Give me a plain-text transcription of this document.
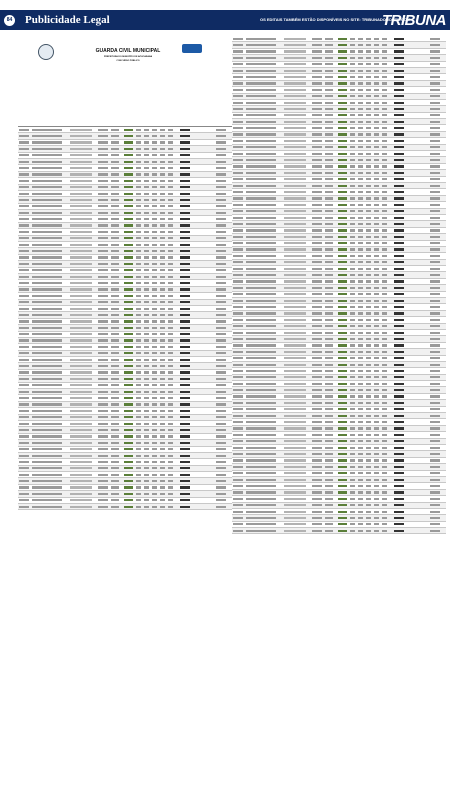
84 Publicidade Legal	OS EDITAIS TAMBÉM ESTÃO DISPONÍVEIS NO SITE: TRIBUNADONORTE.COM
TRIBUNA
GUARDA CIVIL MUNICIPAL
PREFEITURA DO MUNICÍPIO DE APUCARANA
CONCURSO PÚBLICO
